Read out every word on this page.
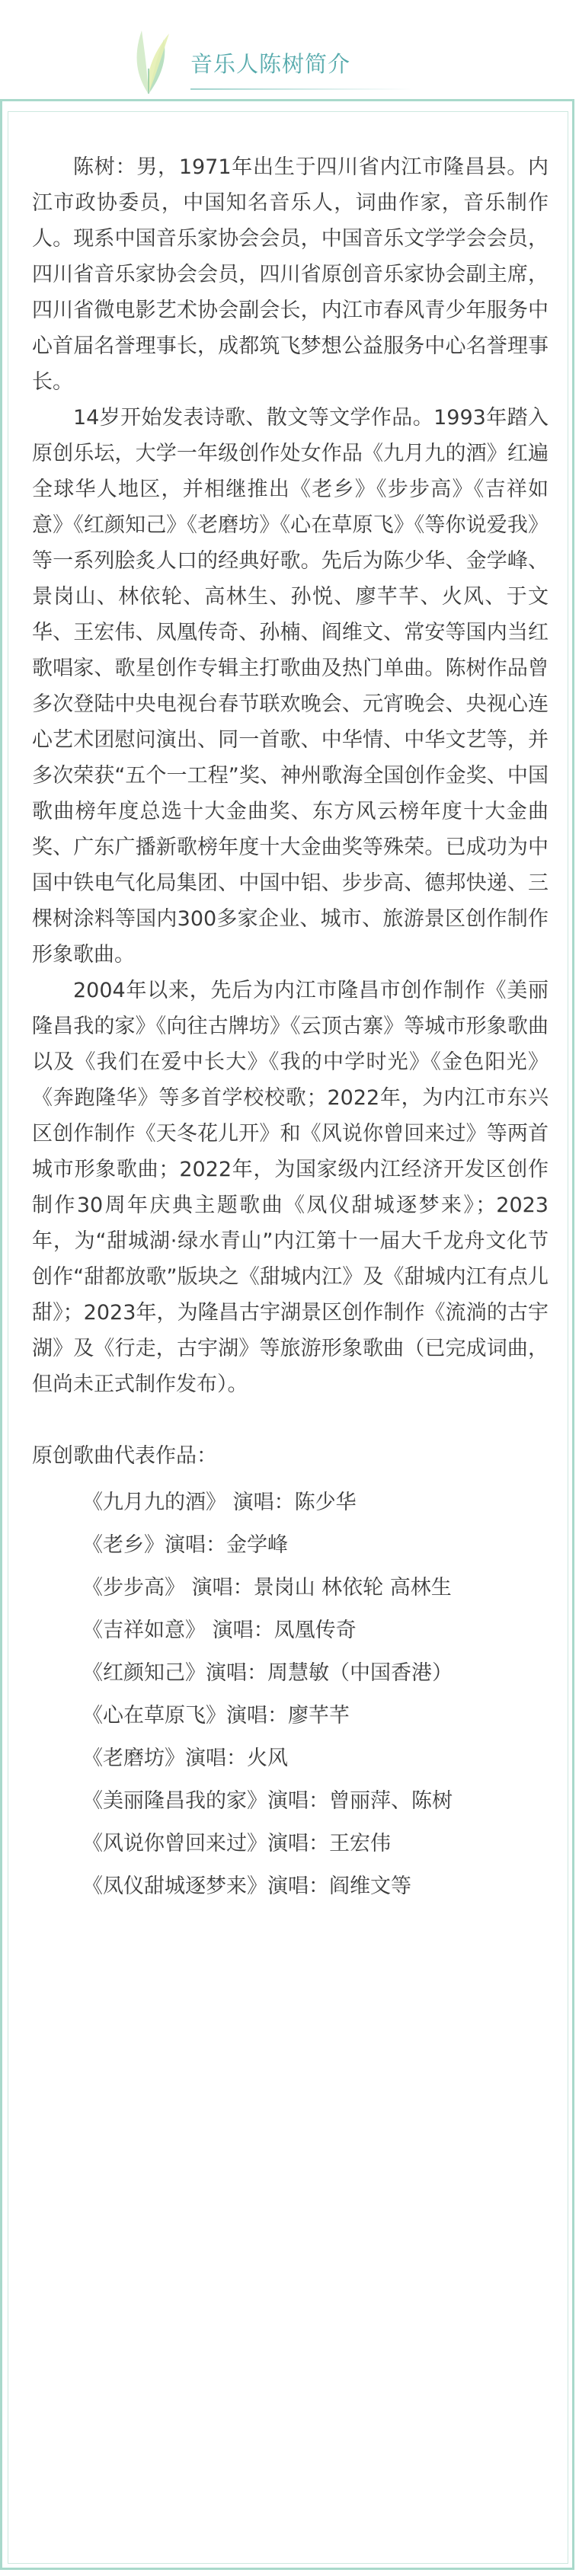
音乐人陈树简介

陈树：男，1971年出生于四川省内江市隆昌县。内江市政协委员，中国知名音乐人，词曲作家，音乐制作人。现系中国音乐家协会会员，中国音乐文学学会会员，四川省音乐家协会会员，四川省原创音乐家协会副主席，四川省微电影艺术协会副会长，内江市春风青少年服务中心首届名誉理事长，成都筑飞梦想公益服务中心名誉理事长。

14岁开始发表诗歌、散文等文学作品。1993年踏入原创乐坛，大学一年级创作处女作品《九月九的酒》红遍全球华人地区，并相继推出《老乡》《步步高》《吉祥如意》《红颜知己》《老磨坊》《心在草原飞》《等你说爱我》等一系列脍炙人口的经典好歌。先后为陈少华、金学峰、景岗山、林依轮、高林生、孙悦、廖芊芊、火风、于文华、王宏伟、凤凰传奇、孙楠、阎维文、常安等国内当红歌唱家、歌星创作专辑主打歌曲及热门单曲。陈树作品曾多次登陆中央电视台春节联欢晚会、元宵晚会、央视心连心艺术团慰问演出、同一首歌、中华情、中华文艺等，并多次荣获“五个一工程”奖、神州歌海全国创作金奖、中国歌曲榜年度总选十大金曲奖、东方风云榜年度十大金曲奖、广东广播新歌榜年度十大金曲奖等殊荣。已成功为中国中铁电气化局集团、中国中铝、步步高、德邦快递、三棵树涂料等国内300多家企业、城市、旅游景区创作制作形象歌曲。

2004年以来，先后为内江市隆昌市创作制作《美丽隆昌我的家》《向往古牌坊》《云顶古寨》等城市形象歌曲以及《我们在爱中长大》《我的中学时光》《金色阳光》《奔跑隆华》等多首学校校歌；2022年，为内江市东兴区创作制作《天冬花儿开》和《风说你曾回来过》等两首城市形象歌曲；2022年，为国家级内江经济开发区创作制作30周年庆典主题歌曲《凤仪甜城逐梦来》；2023年，为“甜城湖·绿水青山”内江第十一届大千龙舟文化节创作“甜都放歌”版块之《甜城内江》及《甜城内江有点儿甜》；2023年，为隆昌古宇湖景区创作制作《流淌的古宇湖》及《行走，古宇湖》等旅游形象歌曲（已完成词曲，但尚未正式制作发布）。

原创歌曲代表作品：
《九月九的酒》 演唱：陈少华
《老乡》演唱：金学峰
《步步高》 演唱：景岗山 林依轮 高林生
《吉祥如意》 演唱：凤凰传奇
《红颜知己》演唱：周慧敏（中国香港）
《心在草原飞》演唱：廖芊芊
《老磨坊》演唱：火风
《美丽隆昌我的家》演唱：曾丽萍、陈树
《风说你曾回来过》演唱：王宏伟
《凤仪甜城逐梦来》演唱：阎维文等
